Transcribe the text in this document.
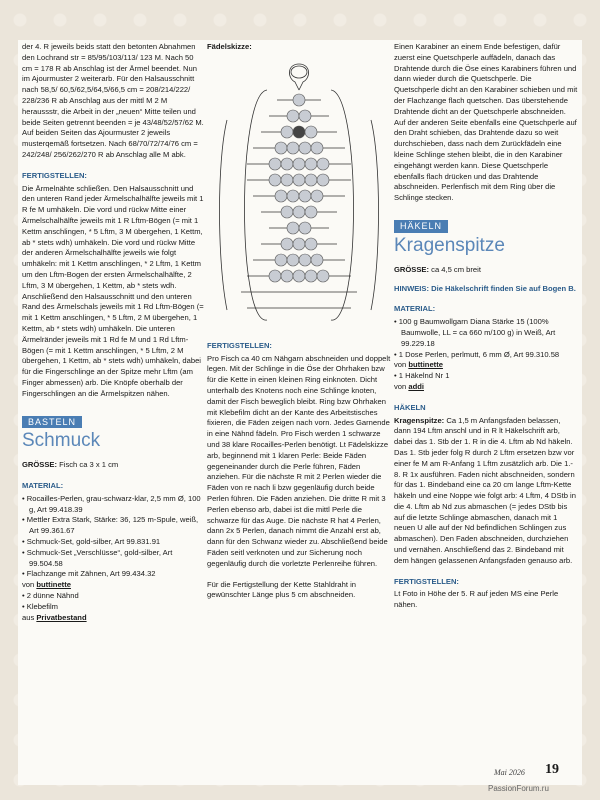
der 4. R jeweils beids statt den betonten Abnahmen den Lochrand str = 85/95/103/113/ 123 M. Nach 50 cm = 178 R ab Anschlag ist der Ärmel beendet. Nun im Ajourmuster 2 weiterarb. Für den Halsausschnitt nach 58,5/ 60,5/62,5/64,5/66,5 cm = 208/214/222/ 228/236 R ab Anschlag aus der mittl M 2 M heraussstr, die Arbeit in der „neuen“ Mitte teilen und beide Seiten getrennt beenden = je 43/48/52/57/62 M. Auf beiden Seiten das Ajourmuster 2 jeweils musterqemäß fortsetzen. Nach 68/70/72/74/76 cm = 242/248/ 256/262/270 R ab Anschlag alle M abk.

FERTIGSTELLEN:

Die Ärmelnähte schließen. Den Halsausschnitt und den unteren Rand jeder Ärmelschalhälfte jeweils mit 1 R fe M umhäkeln. Die vord und rückw Mitte einer Ärmelschalhälfte jeweils mit 1 R Lftm-Bögen (= mit 1 Kettm anschlingen, * 5 Lftm, 3 M übergehen, 1 Kettm, ab * stets wdh) umhäkeln. Die vord und rückw Mitte der anderen Ärmelschalhälfte jeweils wie folgt umhäkeln: mit 1 Kettm anschlingen, * 2 Lftm, 1 Kettm um den Lftm-Bogen der ersten Ärmelschalhälfte, 2 Lftm, 3 M übergehen, 1 Kettm, ab * stets wdh. Anschließend den Halsausschnitt und den unteren Rand des Ärmelschals jeweils mit 1 Rd Lftm-Bögen (= mit 1 Kettm anschlingen, * 5 Lftm, 2 M übergehen, 1 Kettm, ab * stets wdh) umhäkeln. Die unteren Ärmelränder jeweils mit 1 Rd fe M und 1 Rd Lftm-Bögen (= mit 1 Kettm anschlingen, * 5 Lftm, 2 M übergehen, 1 Kettm, ab * stets wdh) umhäkeln, dabei für die Fingerschlinge an der Spitze mehr Lftm (am Finger abmessen) arb. Die Knöpfe oberhalb der Fingerschlingen an die Ärmelspitzen nähen.

BASTELN
Schmuck
GRÖSSE: Fisch ca 3 x 1 cm
MATERIAL:
• Rocailles-Perlen, grau-schwarz-klar, 2,5 mm Ø, 100 g, Art 99.418.39
• Mettler Extra Stark, Stärke: 36, 125 m-Spule, weiß, Art 99.361.67
• Schmuck-Set, gold-silber, Art 99.831.91
• Schmuck-Set „Verschlüsse“, gold-silber, Art 99.504.58
• Flachzange mit Zähnen, Art 99.434.32
von buttinette
• 2 dünne Nähnd
• Klebefilm
aus Privatbestand
Fädelskizze:
FERTIGSTELLEN:

Pro Fisch ca 40 cm Nähgarn abschneiden und doppelt legen. Mit der Schlinge in die Öse der Ohrhaken bzw für die Kette in einen kleinen Ring einknoten. Dicht unterhalb des Knotens noch eine Schlinge knoten, damit der Fisch beweglich bleibt. Ring bzw Ohrhaken mit Klebefilm dicht an der Kante des Arbeitstisches fixieren, die Fäden zeigen nach vorn. Jedes Garnende in eine Nähnd fädeln. Pro Fisch werden 1 schwarze und 38 klare Rocailles-Perlen benötigt. Lt Fädelskizze arb, beginnend mit 1 klaren Perle: Beide Fäden gegeneinander durch die Perle führen, Fäden anziehen. Für die nächste R mit 2 Perlen wieder die Fäden von re nach li bzw gegenläufig durch beide Perlen führen. Die Fäden anziehen. Die dritte R mit 3 Perlen ebenso arb, dabei ist die mittl Perle die schwarze für das Auge. Die nächste R hat 4 Perlen, dann 2x 5 Perlen, danach nimmt die Anzahl erst ab, dann für den Schwanz wieder zu. Abschließend beide Fäden seitl verknoten und zur Sicherung noch gegenläufig durch die vorletzte Perlenreihe führen.

Für die Fertigstellung der Kette Stahldraht in gewünschter Länge plus 5 cm abschneiden.

Einen Karabiner an einem Ende befestigen, dafür zuerst eine Quetschperle auffädeln, danach das Drahtende durch die Öse eines Karabiners führen und dann wieder durch die Quetschperle. Die Quetschperle dicht an den Karabiner schieben und mit der Flachzange flach quetschen. Das überstehende Drahtende dicht an der Quetschperle abschneiden. Auf der anderen Seite ebenfalls eine Quetschperle auf den Draht schieben, das Drahtende dazu so weit durchschieben, dass nach dem Zurückfädeln eine kleine Schlinge stehen bleibt, die in den Karabiner eingehängt werden kann. Diese Quetschperle ebenfalls flach drücken und das Drahtende abschneiden. Perlenfisch mit dem Ring über die Schlinge stecken.

HÄKELN
Kragenspitze
GRÖSSE: ca 4,5 cm breit
HINWEIS: Die Häkelschrift finden Sie auf Bogen B.
MATERIAL:
• 100 g Baumwollgarn Diana Stärke 15 (100% Baumwolle, LL = ca 660 m/100 g) in Weiß, Art 99.229.18
• 1 Dose Perlen, perlmutt, 6 mm Ø, Art 99.310.58
von buttinette
• 1 Häkelnd Nr 1
von addi
HÄKELN

Kragenspitze: Ca 1,5 m Anfangsfaden belassen, dann 194 Lftm anschl und in R lt Häkelschrift arb, dabei das 1. Stb der 1. R in die 4. Lftm ab Nd häkeln. Das 1. Stb jeder folg R durch 2 Lftm ersetzen bzw vor einer fe M am R-Anfang 1 Lftm zusätzlich arb. Die 1.- 8. R 1x ausführen. Faden nicht abschneiden, sondern für das 1. Bindeband eine ca 20 cm lange Lftm-Kette häkeln und eine Noppe wie folgt arb: 4 Lftm, 4 DStb in die 4. Lftm ab Nd zus abmaschen (= jedes DStb bis auf die letzte Schlinge abmaschen, danach mit 1 neuen U alle auf der Nd befindlichen Schlingen zus abmaschen). Den Faden abschneiden, durchziehen und vernähen. Anschließend das 2. Bindeband mit dem hängen gelassenen Anfangsfaden genauso arb.

FERTIGSTELLEN:

Lt Foto in Höhe der 5. R auf jeden MS eine Perle nähen.

Mai 2026 19
PassionForum.ru
